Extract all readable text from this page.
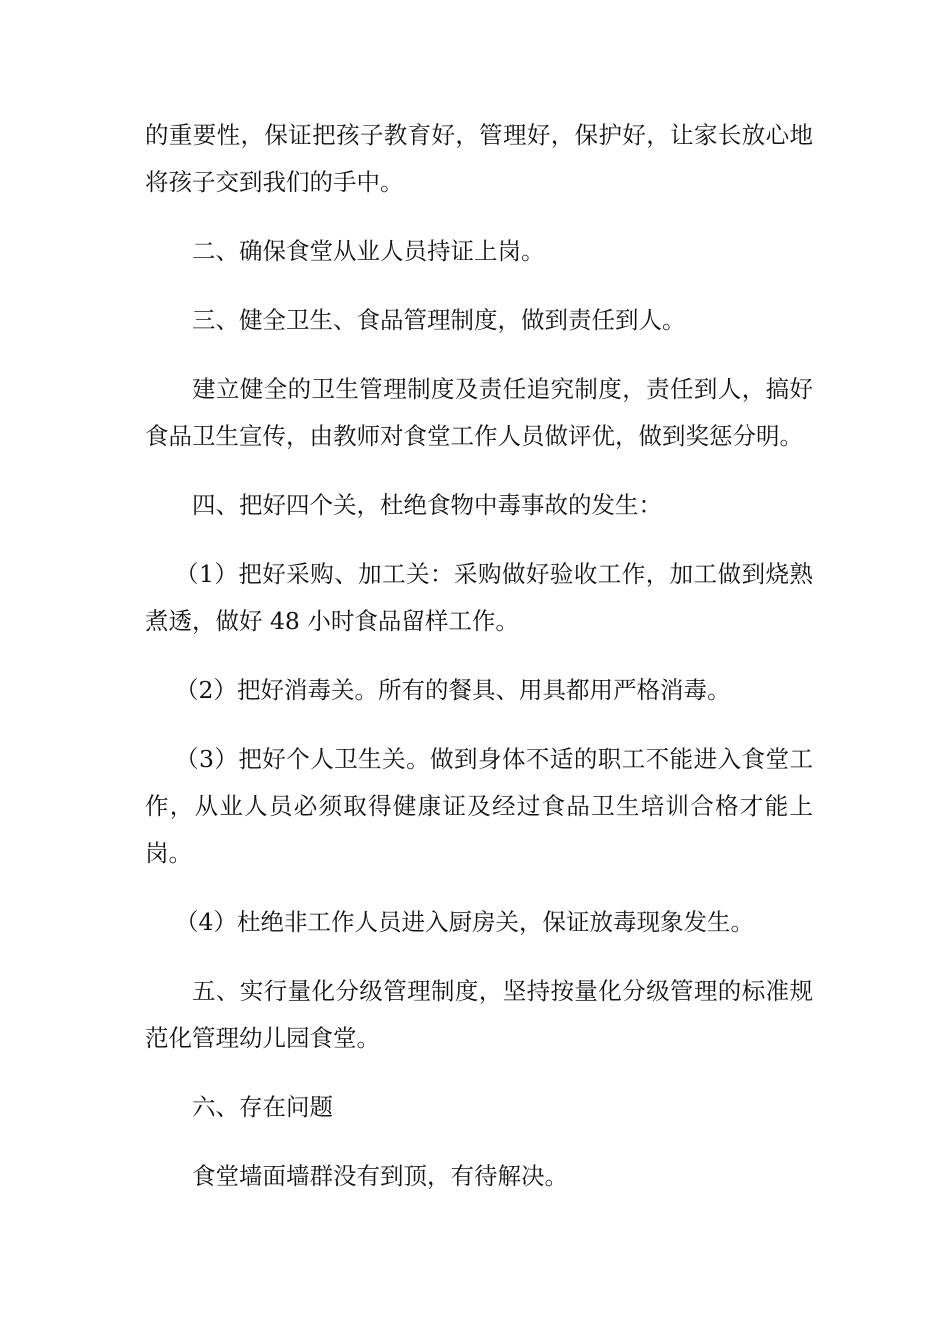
的重要性，保证把孩子教育好，管理好，保护好，让家长放心地将孩子交到我们的手中。

二、确保食堂从业人员持证上岗。

三、健全卫生、食品管理制度，做到责任到人。

建立健全的卫生管理制度及责任追究制度，责任到人，搞好食品卫生宣传，由教师对食堂工作人员做评优，做到奖惩分明。

四、把好四个关，杜绝食物中毒事故的发生：

（1）把好采购、加工关：采购做好验收工作，加工做到烧熟煮透，做好 48 小时食品留样工作。

（2）把好消毒关。所有的餐具、用具都用严格消毒。

（3）把好个人卫生关。做到身体不适的职工不能进入食堂工作，从业人员必须取得健康证及经过食品卫生培训合格才能上岗。

（4）杜绝非工作人员进入厨房关，保证放毒现象发生。

五、实行量化分级管理制度，坚持按量化分级管理的标准规范化管理幼儿园食堂。

六、存在问题

食堂墙面墙群没有到顶，有待解决。
